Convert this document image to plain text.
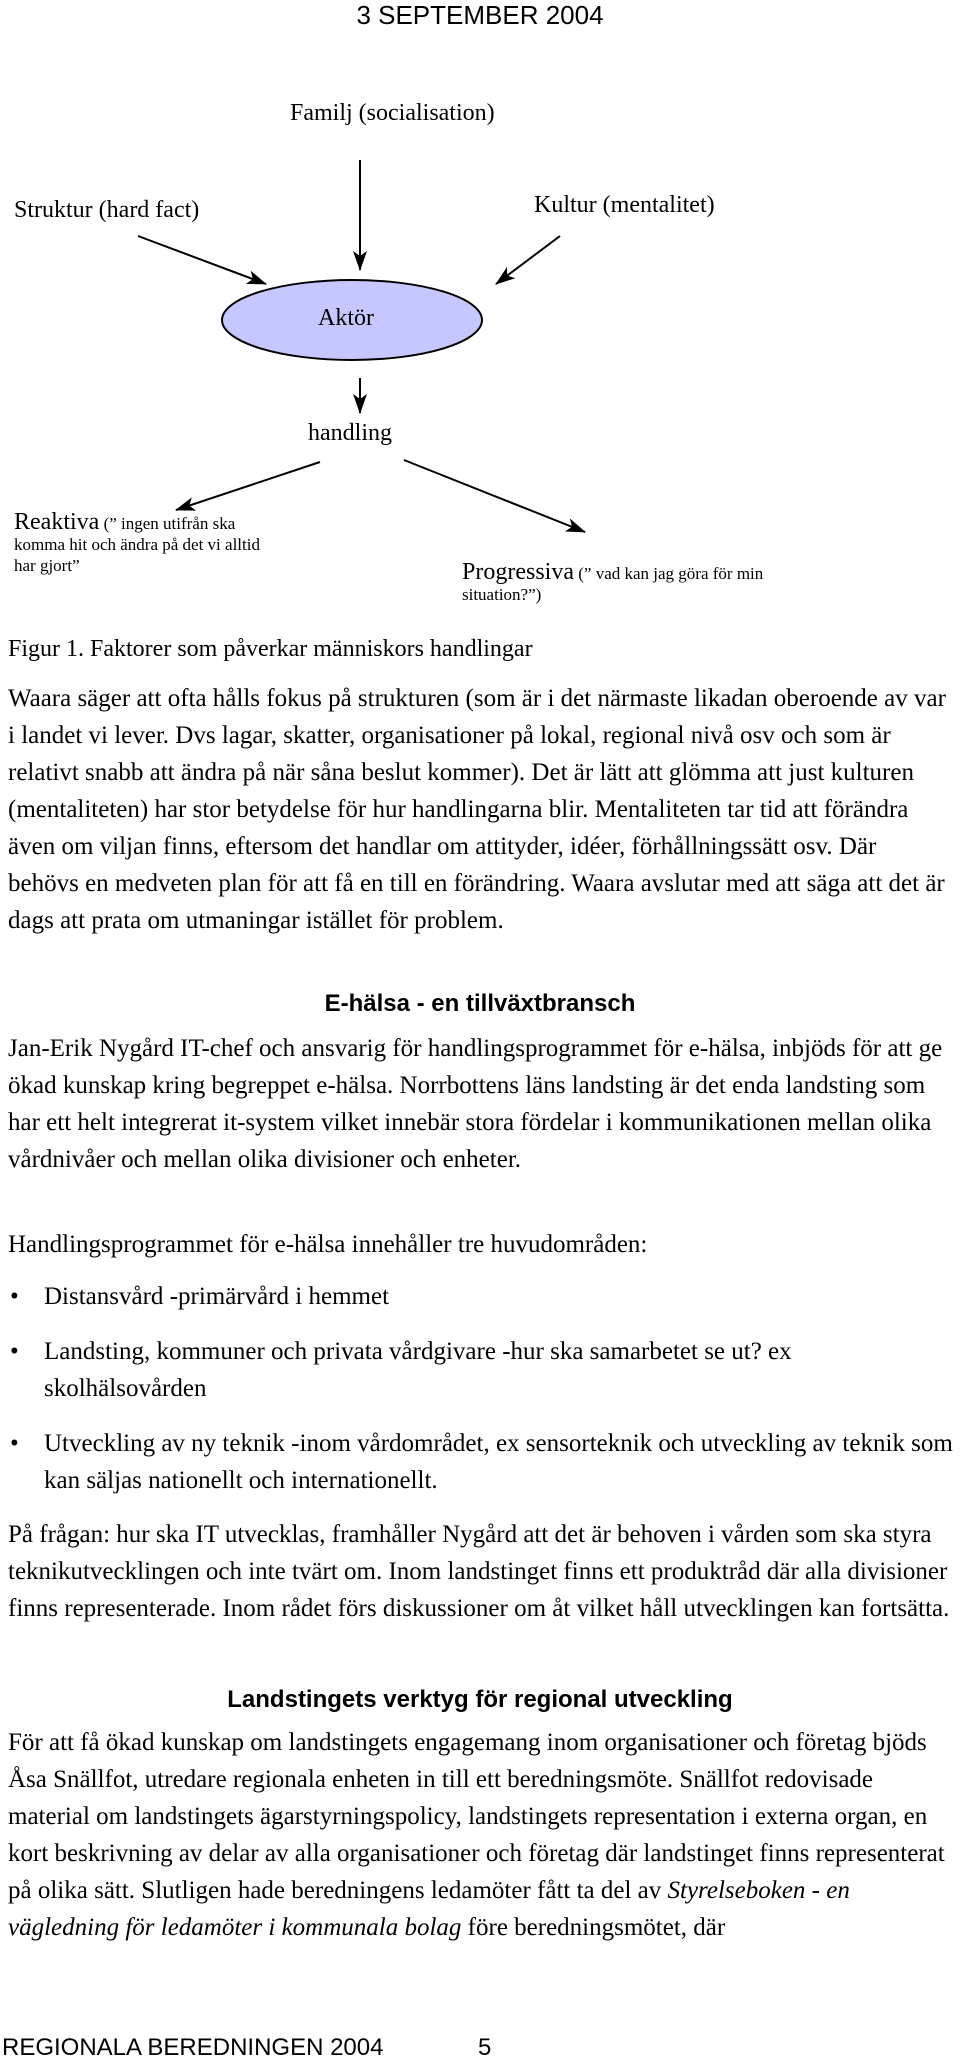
3 SEPTEMBER 2004
Familj (socialisation)
Struktur (hard fact)	Kultur (mentalitet)
Aktör
handling
Reaktiva (” ingen utifrån ska komma hit och ändra på det vi alltid har gjort”	Progressiva (” vad kan jag göra för min situation?”)
Figur 1. Faktorer som påverkar människors handlingar

Waara säger att ofta hålls fokus på strukturen (som är i det närmaste likadan oberoende av var i landet vi lever. Dvs lagar, skatter, organisationer på lokal, regional nivå osv och som är relativt snabb att ändra på när såna beslut kommer). Det är lätt att glömma att just kulturen (mentaliteten) har stor betydelse för hur handlingarna blir. Mentaliteten tar tid att förändra även om viljan finns, eftersom det handlar om attityder, idéer, förhållningssätt osv. Där behövs en medveten plan för att få en till en förändring. Waara avslutar med att säga att det är dags att prata om utmaningar istället för problem.

E-hälsa - en tillväxtbransch

Jan-Erik Nygård IT-chef och ansvarig för handlingsprogrammet för e-hälsa, inbjöds för att ge ökad kunskap kring begreppet e-hälsa. Norrbottens läns landsting är det enda landsting som har ett helt integrerat it-system vilket innebär stora fördelar i kommunikationen mellan olika vårdnivåer och mellan olika divisioner och enheter.

Handlingsprogrammet för e-hälsa innehåller tre huvudområden:

• Distansvård -primärvård i hemmet
• Landsting, kommuner och privata vårdgivare -hur ska samarbetet se ut? ex skolhälsovården
• Utveckling av ny teknik -inom vårdområdet, ex sensorteknik och utveckling av teknik som kan säljas nationellt och internationellt.

På frågan: hur ska IT utvecklas, framhåller Nygård att det är behoven i vården som ska styra teknikutvecklingen och inte tvärt om. Inom landstinget finns ett produktråd där alla divisioner finns representerade. Inom rådet förs diskussioner om åt vilket håll utvecklingen kan fortsätta.

Landstingets verktyg för regional utveckling

För att få ökad kunskap om landstingets engagemang inom organisationer och företag bjöds Åsa Snällfot, utredare regionala enheten in till ett beredningsmöte. Snällfot redovisade material om landstingets ägarstyrningspolicy, landstingets representation i externa organ, en kort beskrivning av delar av alla organisationer och företag där landstinget finns representerat på olika sätt. Slutligen hade beredningens ledamöter fått ta del av Styrelseboken - en vägledning för ledamöter i kommunala bolag före beredningsmötet, där

REGIONALA BEREDNINGEN 2004	5
